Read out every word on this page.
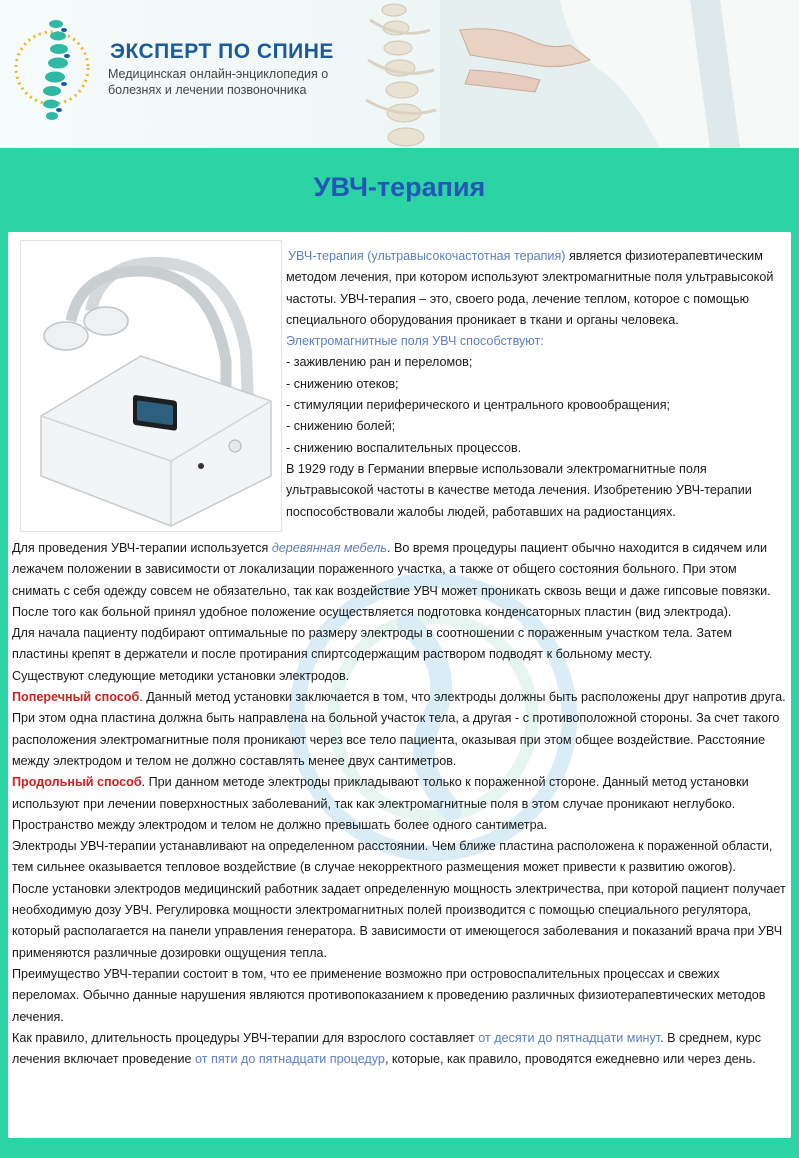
ЭКСПЕРТ ПО СПИНЕ
Медицинская онлайн-энциклопедия о болезнях и лечении позвоночника
УВЧ-терапия

УВЧ-терапия (ультравысокочастотная терапия) является физиотерапевтическим методом лечения, при котором используют электромагнитные поля ультравысокой частоты. УВЧ-терапия – это, своего рода, лечение теплом, которое с помощью специального оборудования проникает в ткани и органы человека.

Электромагнитные поля УВЧ способствуют:

- заживлению ран и переломов;

- снижению отеков;

- стимуляции периферического и центрального кровообращения;

- снижению болей;

- снижению воспалительных процессов.

В 1929 году в Германии впервые использовали электромагнитные поля ультравысокой частоты в качестве метода лечения. Изобретению УВЧ-терапии поспособствовали жалобы людей, работавших на радиостанциях.

Для проведения УВЧ-терапии используется деревянная мебель. Во время процедуры пациент обычно находится в сидячем или лежачем положении в зависимости от локализации пораженного участка, а также от общего состояния больного. При этом снимать с себя одежду совсем не обязательно, так как воздействие УВЧ может проникать сквозь вещи и даже гипсовые повязки. После того как больной принял удобное положение осуществляется подготовка конденсаторных пластин (вид электрода).

Для начала пациенту подбирают оптимальные по размеру электроды в соотношении с пораженным участком тела. Затем пластины крепят в держатели и после протирания спиртсодержащим раствором подводят к больному месту.

Существуют следующие методики установки электродов.

Поперечный способ. Данный метод установки заключается в том, что электроды должны быть расположены друг напротив друга. При этом одна пластина должна быть направлена на больной участок тела, а другая - с противоположной стороны. За счет такого расположения электромагнитные поля проникают через все тело пациента, оказывая при этом общее воздействие. Расстояние между электродом и телом не должно составлять менее двух сантиметров.

Продольный способ. При данном методе электроды прикладывают только к пораженной стороне. Данный метод установки используют при лечении поверхностных заболеваний, так как электромагнитные поля в этом случае проникают неглубоко. Пространство между электродом и телом не должно превышать более одного сантиметра.

Электроды УВЧ-терапии устанавливают на определенном расстоянии. Чем ближе пластина расположена к пораженной области, тем сильнее оказывается тепловое воздействие (в случае некорректного размещения может привести к развитию ожогов).

После установки электродов медицинский работник задает определенную мощность электричества, при которой пациент получает необходимую дозу УВЧ. Регулировка мощности электромагнитных полей производится с помощью специального регулятора, который располагается на панели управления генератора. В зависимости от имеющегося заболевания и показаний врача при УВЧ применяются различные дозировки ощущения тепла.

Преимущество УВЧ-терапии состоит в том, что ее применение возможно при островоспалительных процессах и свежих переломах. Обычно данные нарушения являются противопоказанием к проведению различных физиотерапевтических методов лечения.

Как правило, длительность процедуры УВЧ-терапии для взрослого составляет от десяти до пятнадцати минут. В среднем, курс лечения включает проведение от пяти до пятнадцати процедур, которые, как правило, проводятся ежедневно или через день.
